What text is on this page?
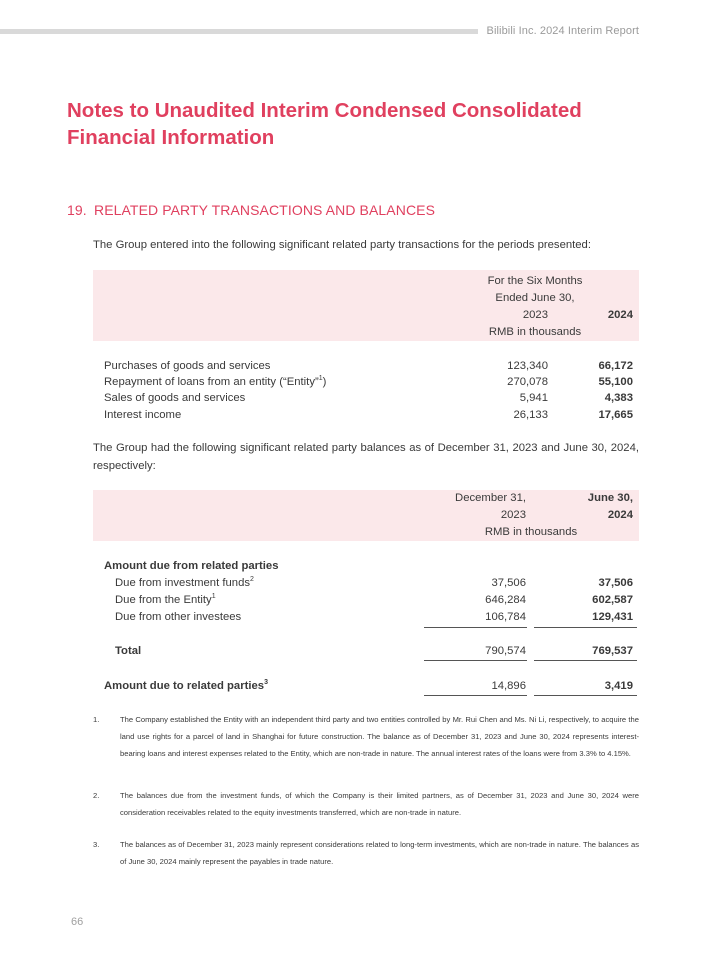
Bilibili Inc. 2024 Interim Report
Notes to Unaudited Interim Condensed Consolidated
Financial Information
19. RELATED PARTY TRANSACTIONS AND BALANCES

The Group entered into the following significant related party transactions for the periods presented:

For the Six Months
Ended June 30,
2023	2024
RMB in thousands
Purchases of goods and services	123,340	66,172
Repayment of loans from an entity (“Entity”$^1$)	270,078	55,100
Sales of goods and services	5,941	4,383
Interest income	26,133	17,665

The Group had the following significant related party balances as of December 31, 2023 and June 30, 2024, respectively:

December 31,
2023
June 30,
2024
RMB in thousands
Amount due from related parties
Due from investment funds$^2$	37,506	37,506
Due from the Entity$^1$	646,284	602,587
Due from other investees	106,784	129,431
Total	790,574	769,537
Amount due to related parties$^3$	14,896	3,419
1.	The Company established the Entity with an independent third party and two entities controlled by Mr. Rui Chen and Ms. Ni Li, respectively, to acquire the land use rights for a parcel of land in Shanghai for future construction. The balance as of December 31, 2023 and June 30, 2024 represents interest-bearing loans and interest expenses related to the Entity, which are non-trade in nature. The annual interest rates of the loans were from 3.3% to 4.15%.
2.	The balances due from the investment funds, of which the Company is their limited partners, as of December 31, 2023 and June 30, 2024 were consideration receivables related to the equity investments transferred, which are non-trade in nature.
3.	The balances as of December 31, 2023 mainly represent considerations related to long-term investments, which are non-trade in nature. The balances as of June 30, 2024 mainly represent the payables in trade nature.
66
